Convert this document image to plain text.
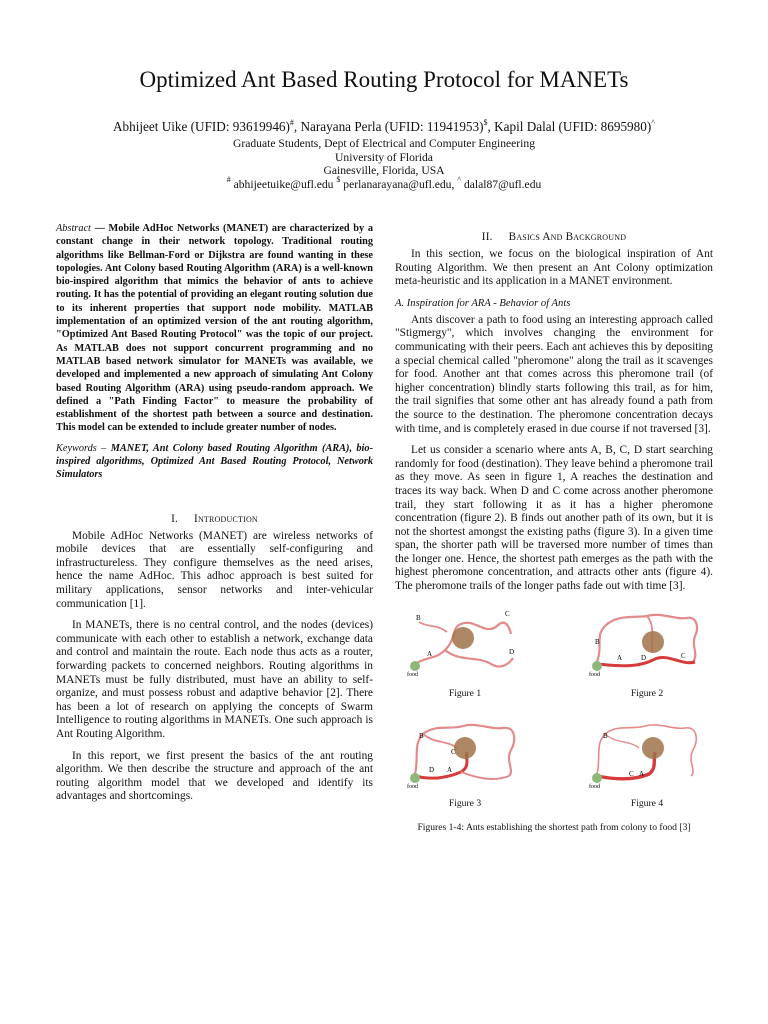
Optimized Ant Based Routing Protocol for MANETs
Abhijeet Uike (UFID: 93619946)#, Narayana Perla (UFID: 11941953)$, Kapil Dalal (UFID: 8695980)^
Graduate Students, Dept of Electrical and Computer Engineering
University of Florida
Gainesville, Florida, USA
# abhijeetuike@ufl.edu $ perlanarayana@ufl.edu, ^ dalal87@ufl.edu

Abstract — Mobile AdHoc Networks (MANET) are characterized by a constant change in their network topology. Traditional routing algorithms like Bellman-Ford or Dijkstra are found wanting in these topologies. Ant Colony based Routing Algorithm (ARA) is a well-known bio-inspired algorithm that mimics the behavior of ants to achieve routing. It has the potential of providing an elegant routing solution due to its inherent properties that support node mobility. MATLAB implementation of an optimized version of the ant routing algorithm, "Optimized Ant Based Routing Protocol" was the topic of our project. As MATLAB does not support concurrent programming and no MATLAB based network simulator for MANETs was available, we developed and implemented a new approach of simulating Ant Colony based Routing Algorithm (ARA) using pseudo-random approach. We defined a "Path Finding Factor" to measure the probability of establishment of the shortest path between a source and destination. This model can be extended to include greater number of nodes.

Keywords – MANET, Ant Colony based Routing Algorithm (ARA), bio-inspired algorithms, Optimized Ant Based Routing Protocol, Network Simulators

I. Introduction

Mobile AdHoc Networks (MANET) are wireless networks of mobile devices that are essentially self-configuring and infrastructureless. They configure themselves as the need arises, hence the name AdHoc. This adhoc approach is best suited for military applications, sensor networks and inter-vehicular communication [1].

In MANETs, there is no central control, and the nodes (devices) communicate with each other to establish a network, exchange data and control and maintain the route. Each node thus acts as a router, forwarding packets to concerned neighbors. Routing algorithms in MANETs must be fully distributed, must have an ability to self-organize, and must possess robust and adaptive behavior [2]. There has been a lot of research on applying the concepts of Swarm Intelligence to routing algorithms in MANETs. One such approach is Ant Routing Algorithm.

In this report, we first present the basics of the ant routing algorithm. We then describe the structure and approach of the ant routing algorithm model that we developed and identify its advantages and shortcomings.

II. Basics And Background

In this section, we focus on the biological inspiration of Ant Routing Algorithm. We then present an Ant Colony optimization meta-heuristic and its application in a MANET environment.

A. Inspiration for ARA - Behavior of Ants

Ants discover a path to food using an interesting approach called "Stigmergy", which involves changing the environment for communicating with their peers. Each ant achieves this by depositing a special chemical called "pheromone" along the trail as it scavenges for food. Another ant that comes across this pheromone trail (of higher concentration) blindly starts following this trail, as for him, the trail signifies that some other ant has already found a path from the source to the destination. The pheromone concentration decays with time, and is completely erased in due course if not traversed [3].

Let us consider a scenario where ants A, B, C, D start searching randomly for food (destination). They leave behind a pheromone trail as they move. As seen in figure 1, A reaches the destination and traces its way back. When D and C come across another pheromone trail, they start following it as it has a higher pheromone concentration (figure 2). B finds out another path of its own, but it is not the shortest amongst the existing paths (figure 3). In a given time span, the shorter path will be traversed more number of times than the longer one. Hence, the shortest path emerges as the path with the highest pheromone concentration, and attracts other ants (figure 4). The pheromone trails of the longer paths fade out with time [3].

B	C
A	D
food
Figure 1
B
A	D	C
food
Figure 2
B
C
D A
food
Figure 3
B
C A
food
Figure 4
Figures 1-4: Ants establishing the shortest path from colony to food [3]
